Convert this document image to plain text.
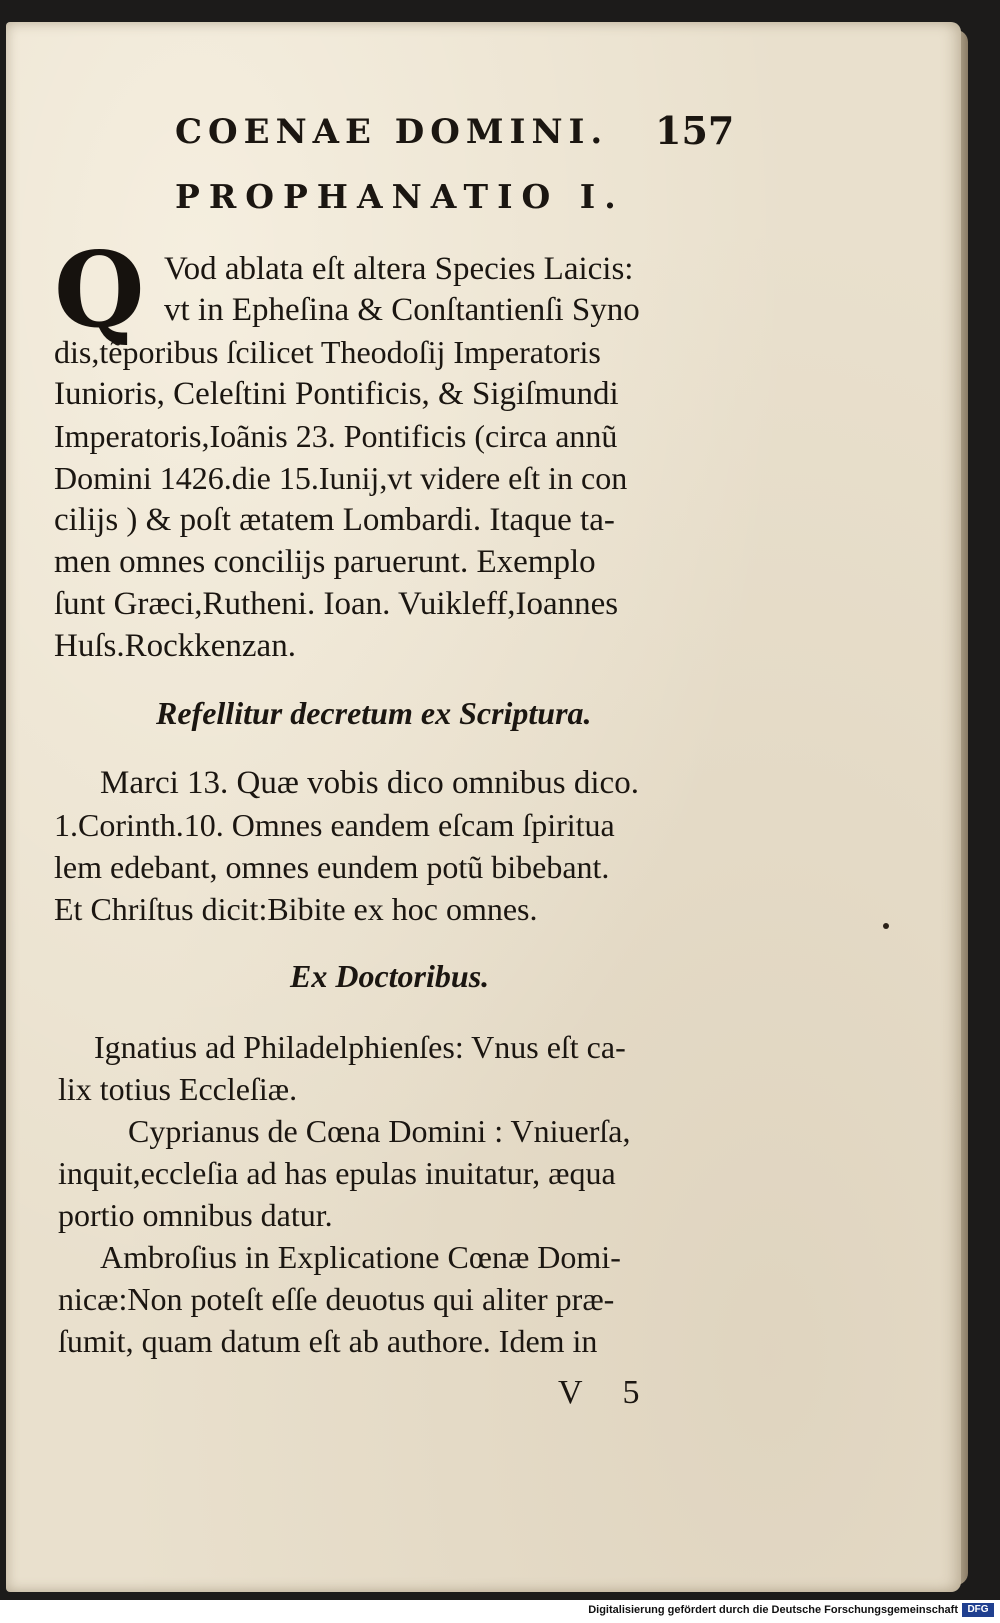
COENAE DOMINI. 157
PROPHANATIO I.
Q Vod ablata eſt altera Species Laicis:
vt in Epheſina & Conſtantienſi Syno
dis,tẽporibus ſcilicet Theodoſij Imperatoris
Iunioris, Celeſtini Pontificis, & Sigiſmundi
Imperatoris,Ioãnis 23. Pontificis (circa annũ
Domini 1426.die 15.Iunij,vt videre eſt in con
cilijs ) & poſt ætatem Lombardi. Itaque ta-
men omnes concilijs paruerunt. Exemplo
ſunt Græci,Rutheni. Ioan. Vuikleff,Ioannes
Huſs.Rockkenzan.
Refellitur decretum ex Scriptura.
Marci 13. Quæ vobis dico omnibus dico.
1.Corinth.10. Omnes eandem eſcam ſpiritua
lem edebant, omnes eundem potũ bibebant.
Et Chriſtus dicit:Bibite ex hoc omnes.
Ex Doctoribus.
Ignatius ad Philadelphienſes: Vnus eſt ca-
lix totius Eccleſiæ.
Cyprianus de Cœna Domini : Vniuerſa,
inquit,eccleſia ad has epulas inuitatur, æqua
portio omnibus datur.
Ambroſius in Explicatione Cœnæ Domi-
nicæ:Non poteſt eſſe deuotus qui aliter præ-
ſumit, quam datum eſt ab authore. Idem in
V 5
Digitalisierung gefördert durch die Deutsche Forschungsgemeinschaft DFG
